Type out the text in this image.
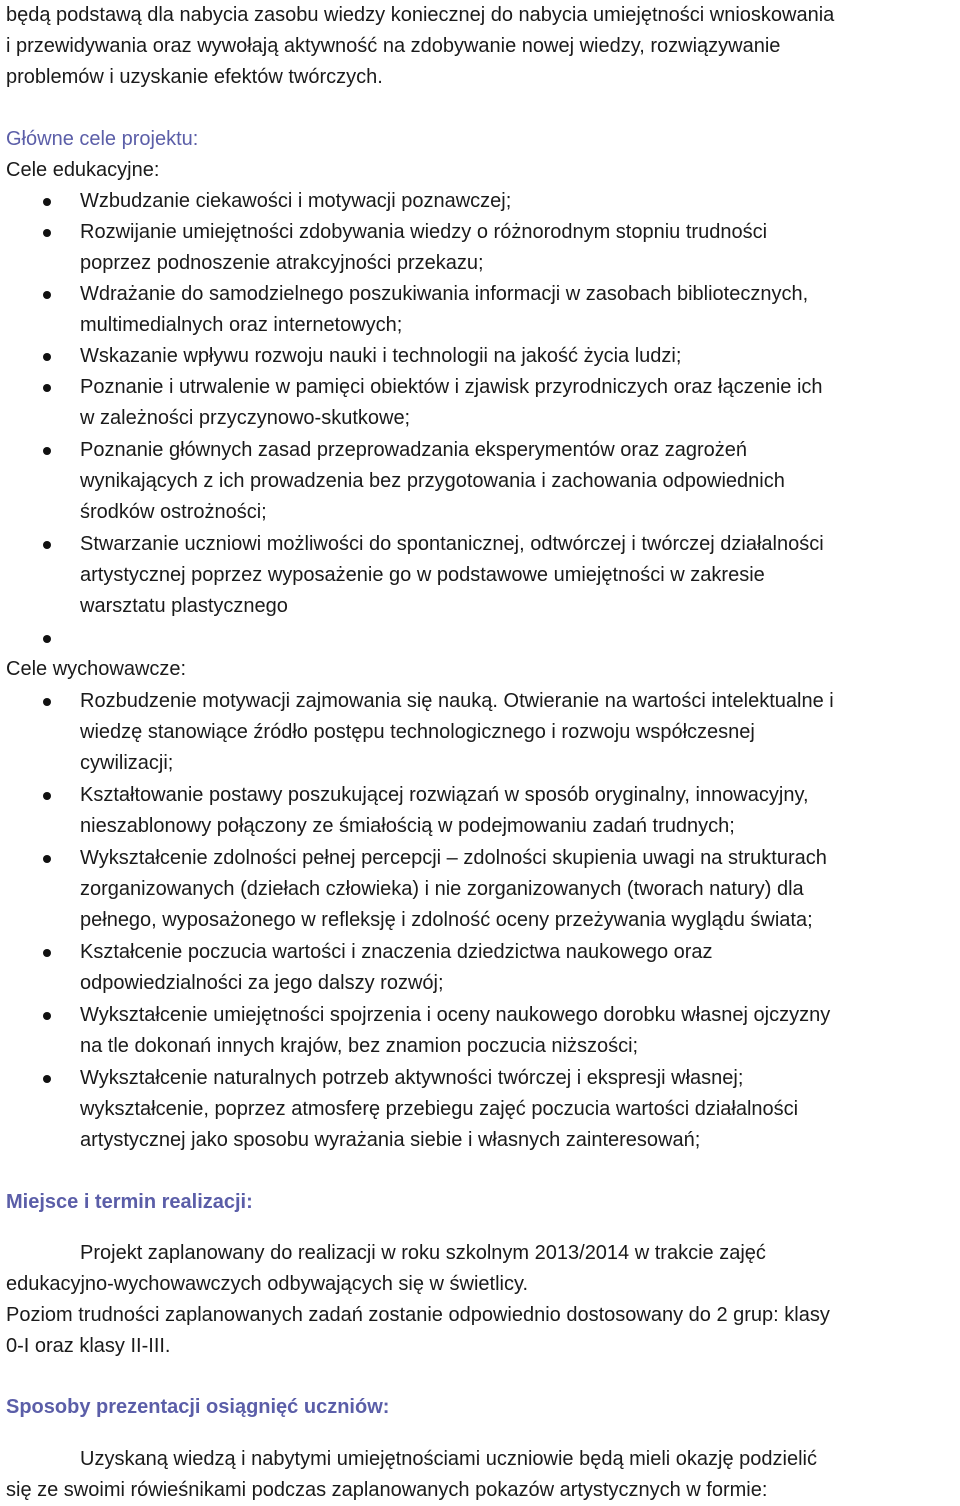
będą podstawą dla nabycia zasobu wiedzy koniecznej do nabycia umiejętności wnioskowania
i przewidywania oraz wywołają aktywność na zdobywanie nowej wiedzy, rozwiązywanie
problemów i uzyskanie efektów twórczych.
Główne cele projektu:
Cele edukacyjne:
Wzbudzanie ciekawości i motywacji poznawczej;
Rozwijanie umiejętności zdobywania wiedzy o różnorodnym stopniu trudności
poprzez podnoszenie atrakcyjności przekazu;
Wdrażanie do samodzielnego poszukiwania informacji w zasobach bibliotecznych,
multimedialnych oraz internetowych;
Wskazanie wpływu rozwoju nauki i technologii na jakość życia ludzi;
Poznanie i utrwalenie w pamięci obiektów i zjawisk przyrodniczych oraz łączenie ich
w zależności przyczynowo-skutkowe;
Poznanie głównych zasad przeprowadzania eksperymentów oraz zagrożeń
wynikających z ich prowadzenia bez przygotowania i zachowania odpowiednich
środków ostrożności;
Stwarzanie uczniowi możliwości do spontanicznej, odtwórczej i twórczej działalności
artystycznej poprzez wyposażenie go w podstawowe umiejętności w zakresie
warsztatu plastycznego
Cele wychowawcze:
Rozbudzenie motywacji zajmowania się nauką. Otwieranie na wartości intelektualne i
wiedzę stanowiące źródło postępu technologicznego i rozwoju współczesnej
cywilizacji;
Kształtowanie postawy poszukującej rozwiązań w sposób oryginalny, innowacyjny,
nieszablonowy połączony ze śmiałością w podejmowaniu zadań trudnych;
Wykształcenie zdolności pełnej percepcji – zdolności skupienia uwagi na strukturach
zorganizowanych (dziełach człowieka) i nie zorganizowanych (tworach natury) dla
pełnego, wyposażonego w refleksję i zdolność oceny przeżywania wyglądu świata;
Kształcenie poczucia wartości i znaczenia dziedzictwa naukowego oraz
odpowiedzialności za jego dalszy rozwój;
Wykształcenie umiejętności spojrzenia i oceny naukowego dorobku własnej ojczyzny
na tle dokonań innych krajów, bez znamion poczucia niższości;
Wykształcenie naturalnych potrzeb aktywności twórczej i ekspresji własnej;
wykształcenie, poprzez atmosferę przebiegu zajęć poczucia wartości działalności
artystycznej jako sposobu wyrażania siebie i własnych zainteresowań;
Miejsce i termin realizacji:
Projekt zaplanowany do realizacji w roku szkolnym 2013/2014 w trakcie zajęć
edukacyjno-wychowawczych odbywających się w świetlicy.
Poziom trudności zaplanowanych zadań zostanie odpowiednio dostosowany do 2 grup: klasy
0-I oraz klasy II-III.
Sposoby prezentacji osiągnięć uczniów:
Uzyskaną wiedzą i nabytymi umiejętnościami uczniowie będą mieli okazję podzielić
się ze swoimi rówieśnikami podczas zaplanowanych pokazów artystycznych w formie:
